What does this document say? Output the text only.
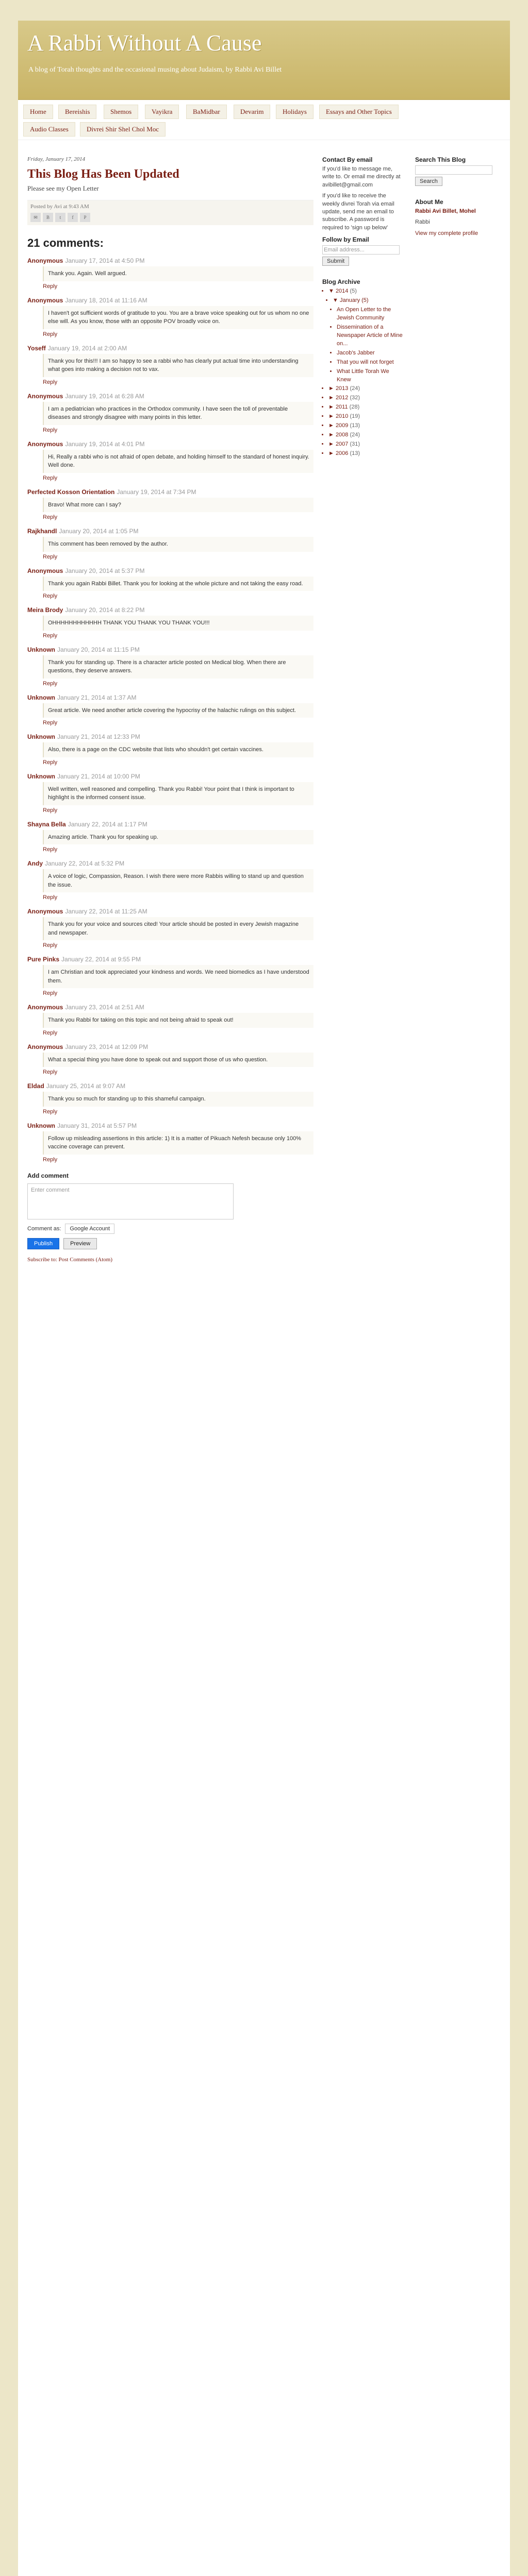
A Rabbi Without A Cause
A blog of Torah thoughts and the occasional musing about Judaism, by Rabbi Avi Billet
Home	Bereishis	Shemos	Vayikra	BaMidbar	Devarim	Holidays	Essays and Other Topics
Audio Classes	Divrei Shir Shel Chol Moc
Friday, January 17, 2014
This Blog Has Been Updated

Please see my Open Letter

Posted by Avi at 9:43 AM
✉	B	t	f	P
21 comments:
Anonymous January 17, 2014 at 4:50 PM
Thank you. Again. Well argued.
Reply
Anonymous January 18, 2014 at 11:16 AM
I haven't got sufficient words of gratitude to you. You are a brave voice speaking out for us whom no one else will. As you know, those with an opposite POV broadly voice on.
Reply
Yoseff January 19, 2014 at 2:00 AM
Thank you for this!!! I am so happy to see a rabbi who has clearly put actual time into understanding what goes into making a decision not to vax.
Reply
Anonymous January 19, 2014 at 6:28 AM
I am a pediatrician who practices in the Orthodox community. I have seen the toll of preventable diseases and strongly disagree with many points in this letter.
Reply
Anonymous January 19, 2014 at 4:01 PM
Hi, Really a rabbi who is not afraid of open debate, and holding himself to the standard of honest inquiry. Well done.
Reply
Perfected Kosson Orientation January 19, 2014 at 7:34 PM
Bravo! What more can I say?
Reply
Rajkhandl January 20, 2014 at 1:05 PM
This comment has been removed by the author.
Reply
Anonymous January 20, 2014 at 5:37 PM
Thank you again Rabbi Billet. Thank you for looking at the whole picture and not taking the easy road.
Reply
Meira Brody January 20, 2014 at 8:22 PM
OHHHHHHHHHHHH THANK YOU THANK YOU THANK YOU!!!
Reply
Unknown January 20, 2014 at 11:15 PM
Thank you for standing up. There is a character article posted on Medical blog. When there are questions, they deserve answers.
Reply
Unknown January 21, 2014 at 1:37 AM
Great article. We need another article covering the hypocrisy of the halachic rulings on this subject.
Reply
Unknown January 21, 2014 at 12:33 PM
Also, there is a page on the CDC website that lists who shouldn't get certain vaccines.
Reply
Unknown January 21, 2014 at 10:00 PM
Well written, well reasoned and compelling. Thank you Rabbi! Your point that I think is important to highlight is the informed consent issue.
Reply
Shayna Bella January 22, 2014 at 1:17 PM
Amazing article. Thank you for speaking up.
Reply
Andy January 22, 2014 at 5:32 PM
A voice of logic, Compassion, Reason. I wish there were more Rabbis willing to stand up and question the issue.
Reply
Anonymous January 22, 2014 at 11:25 AM
Thank you for your voice and sources cited! Your article should be posted in every Jewish magazine and newspaper.
Reply
Pure Pinks January 22, 2014 at 9:55 PM
I am Christian and took appreciated your kindness and words. We need biomedics as I have understood them.
Reply
Anonymous January 23, 2014 at 2:51 AM
Thank you Rabbi for taking on this topic and not being afraid to speak out!
Reply
Anonymous January 23, 2014 at 12:09 PM
What a special thing you have done to speak out and support those of us who question.
Reply
Eldad January 25, 2014 at 9:07 AM
Thank you so much for standing up to this shameful campaign.
Reply
Unknown January 31, 2014 at 5:57 PM
Follow up misleading assertions in this article: 1) It is a matter of Pikuach Nefesh because only 100% vaccine coverage can prevent.
Reply
Add comment
Enter comment
Comment as:	Google Account
Publish	Preview
Subscribe to: Post Comments (Atom)
Contact By email
If you'd like to message me, write to. Or email me directly at avibillet@gmail.com
If you'd like to receive the weekly divrei Torah via email update, send me an email to subscribe. A password is required to 'sign up below'
Follow by Email
Email address...
Submit
Blog Archive
• ▼ 2014 (5)
• ▼ January (5)
• An Open Letter to the Jewish Community
• Dissemination of a Newspaper Article of Mine on...
• Jacob's Jabber
• That you will not forget
• What Little Torah We Knew
• ► 2013 (24)
• ► 2012 (32)
• ► 2011 (28)
• ► 2010 (19)
• ► 2009 (13)
• ► 2008 (24)
• ► 2007 (31)
• ► 2006 (13)
Search This Blog
Search
About Me
Rabbi Avi Billet, Mohel
Rabbi
View my complete profile
